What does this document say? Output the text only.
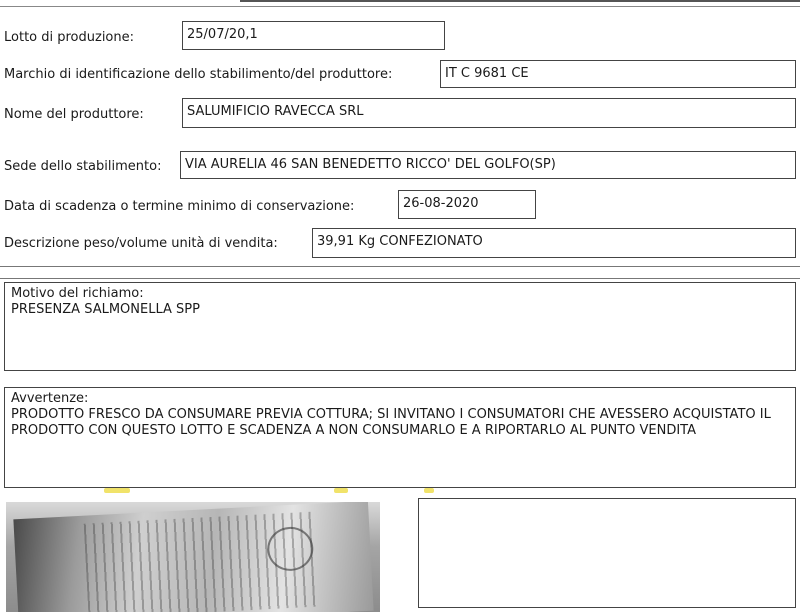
Lotto di produzione:	25/07/20,1
Marchio di identificazione dello stabilimento/del produttore:	IT C 9681 CE
Nome del produttore:	SALUMIFICIO RAVECCA SRL
Sede dello stabilimento:	VIA AURELIA 46 SAN BENEDETTO RICCO' DEL GOLFO(SP)
Data di scadenza o termine minimo di conservazione:	26-08-2020
Descrizione peso/volume unità di vendita:	39,91 Kg CONFEZIONATO
Motivo del richiamo:
PRESENZA SALMONELLA SPP
Avvertenze:
PRODOTTO FRESCO DA CONSUMARE PREVIA COTTURA; SI INVITANO I CONSUMATORI CHE AVESSERO ACQUISTATO IL PRODOTTO CON QUESTO LOTTO E SCADENZA A NON CONSUMARLO E A RIPORTARLO AL PUNTO VENDITA
